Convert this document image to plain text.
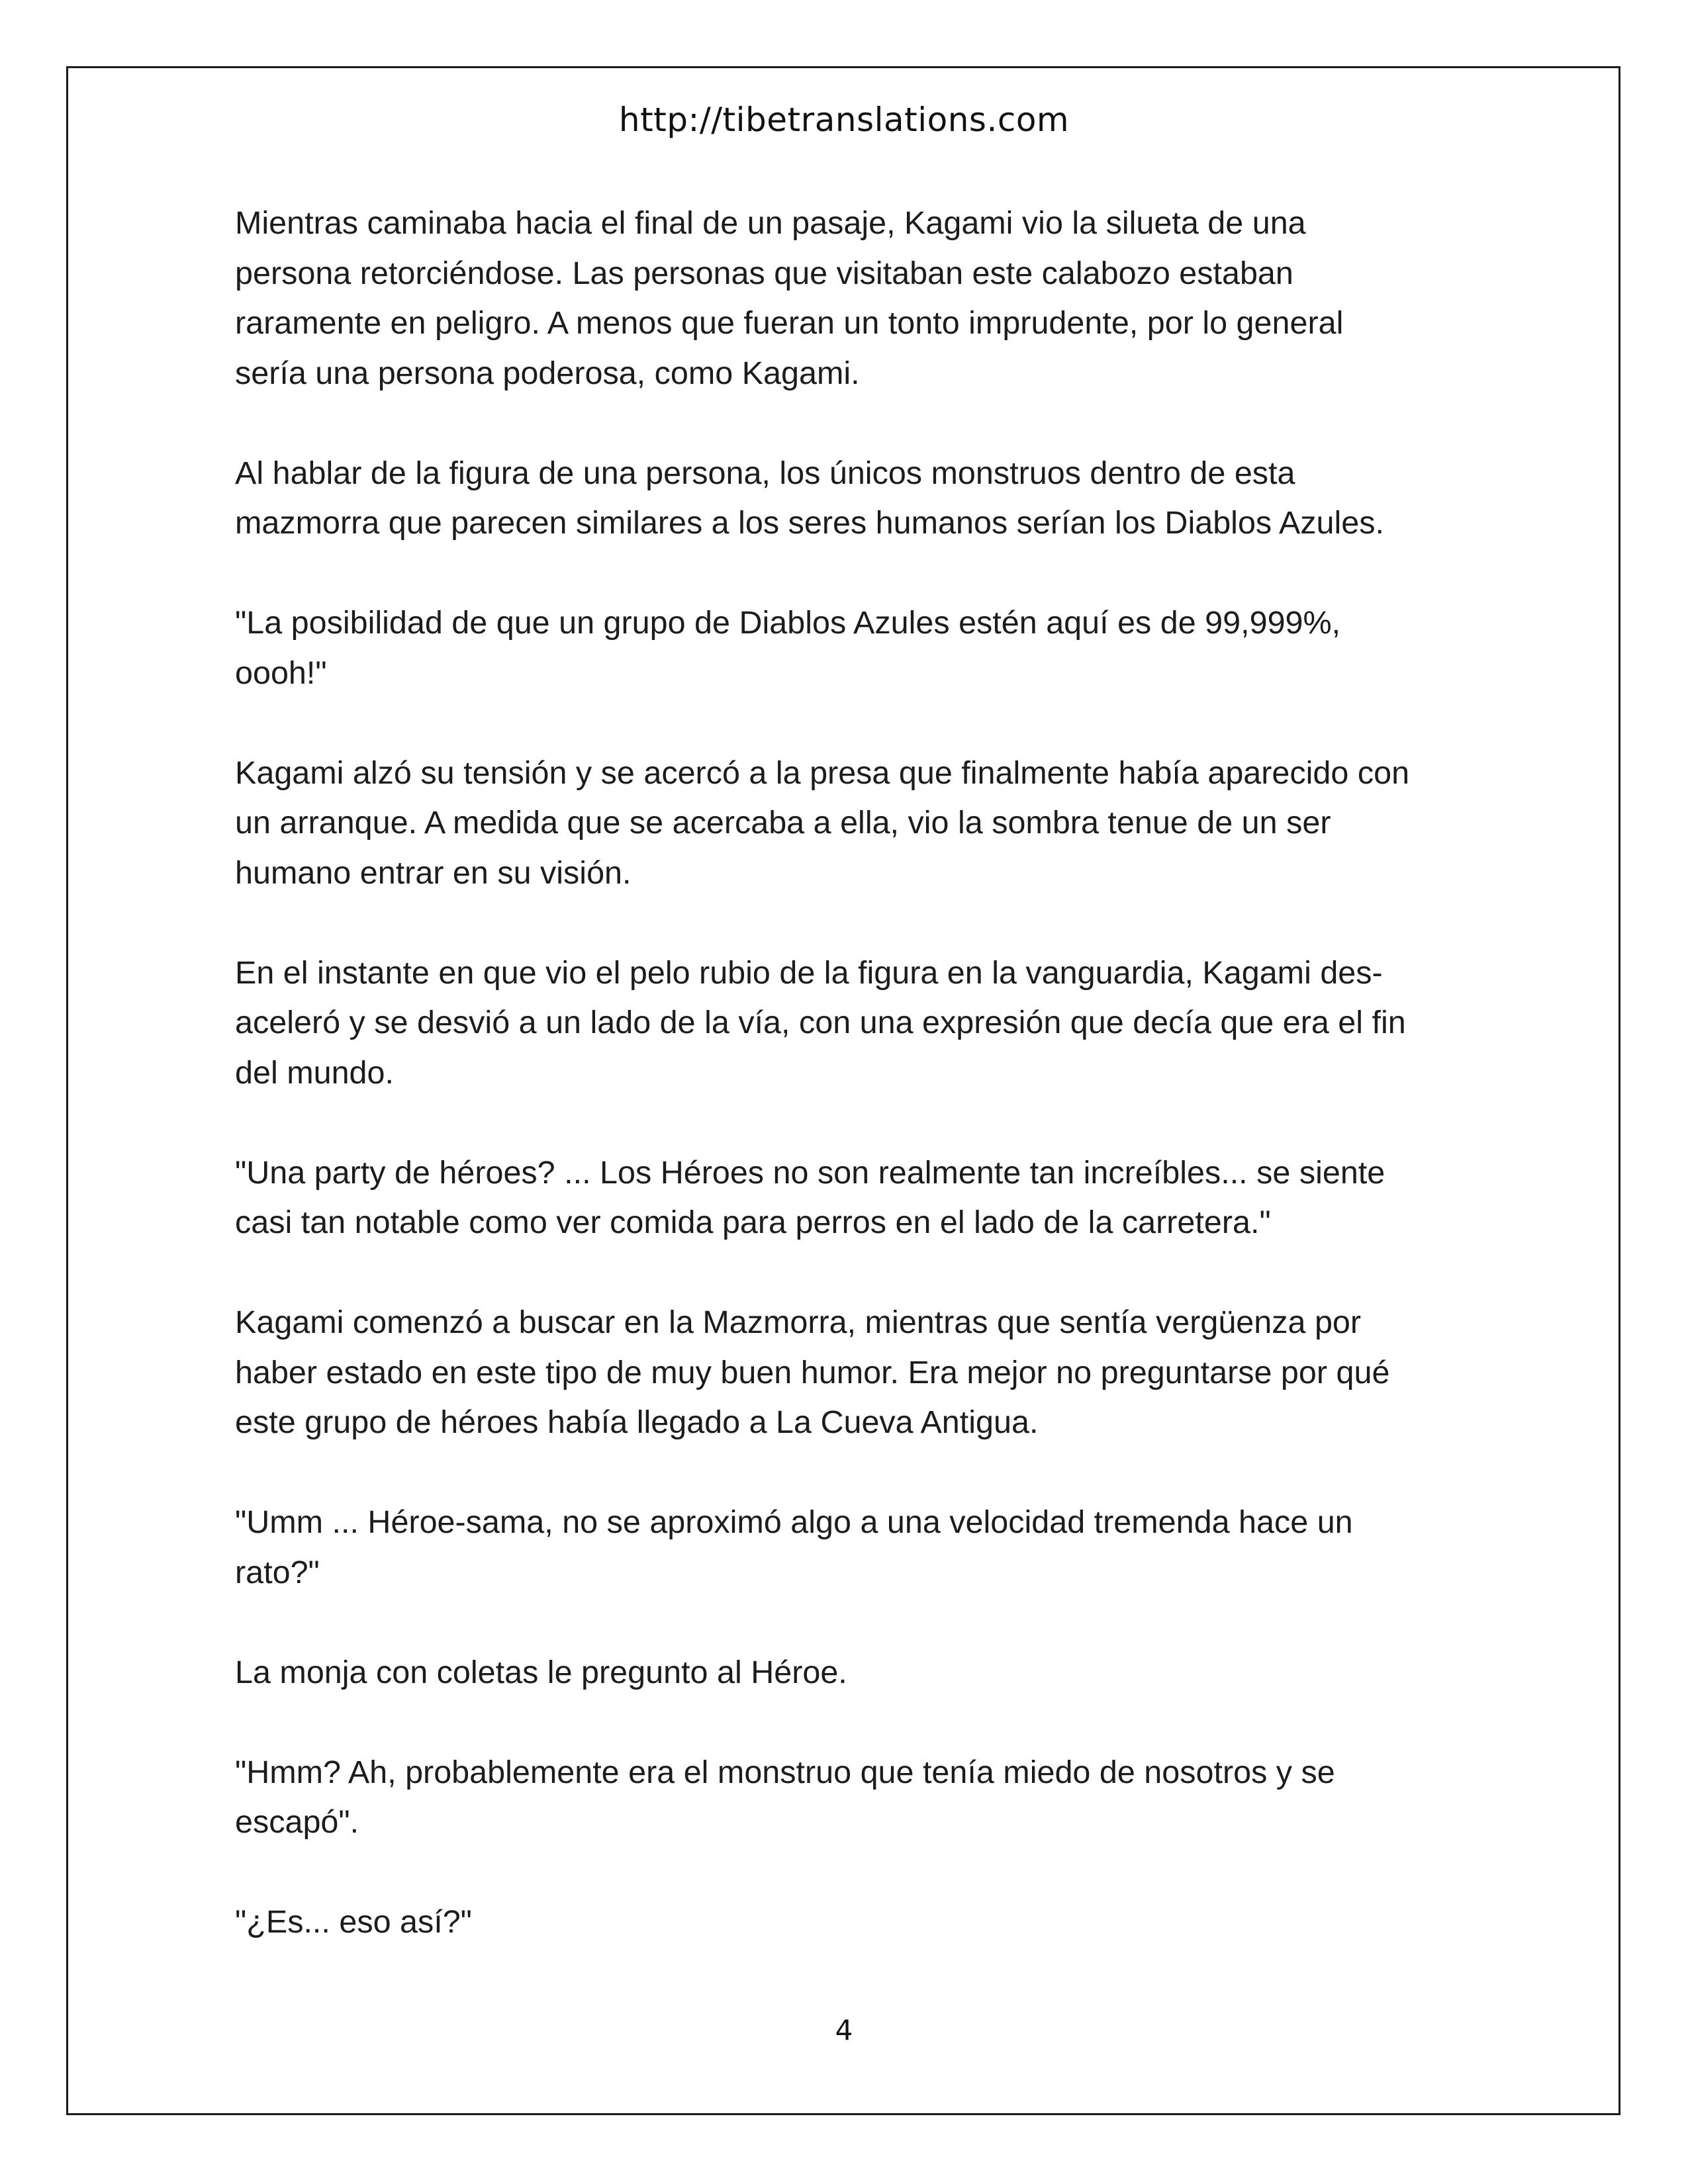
http://tibetranslations.com

Mientras caminaba hacia el final de un pasaje, Kagami vio la silueta de una
persona retorciéndose. Las personas que visitaban este calabozo estaban
raramente en peligro. A menos que fueran un tonto imprudente, por lo general
sería una persona poderosa, como Kagami.

Al hablar de la figura de una persona, los únicos monstruos dentro de esta
mazmorra que parecen similares a los seres humanos serían los Diablos Azules.

"La posibilidad de que un grupo de Diablos Azules estén aquí es de 99,999%,
oooh!"

Kagami alzó su tensión y se acercó a la presa que finalmente había aparecido con
un arranque. A medida que se acercaba a ella, vio la sombra tenue de un ser
humano entrar en su visión.

En el instante en que vio el pelo rubio de la figura en la vanguardia, Kagami des-
aceleró y se desvió a un lado de la vía, con una expresión que decía que era el fin
del mundo.

"Una party de héroes? ... Los Héroes no son realmente tan increíbles... se siente
casi tan notable como ver comida para perros en el lado de la carretera."

Kagami comenzó a buscar en la Mazmorra, mientras que sentía vergüenza por
haber estado en este tipo de muy buen humor. Era mejor no preguntarse por qué
este grupo de héroes había llegado a La Cueva Antigua.

"Umm ... Héroe-sama, no se aproximó algo a una velocidad tremenda hace un
rato?"

La monja con coletas le pregunto al Héroe.

"Hmm? Ah, probablemente era el monstruo que tenía miedo de nosotros y se
escapó".

"¿Es... eso así?"

4
